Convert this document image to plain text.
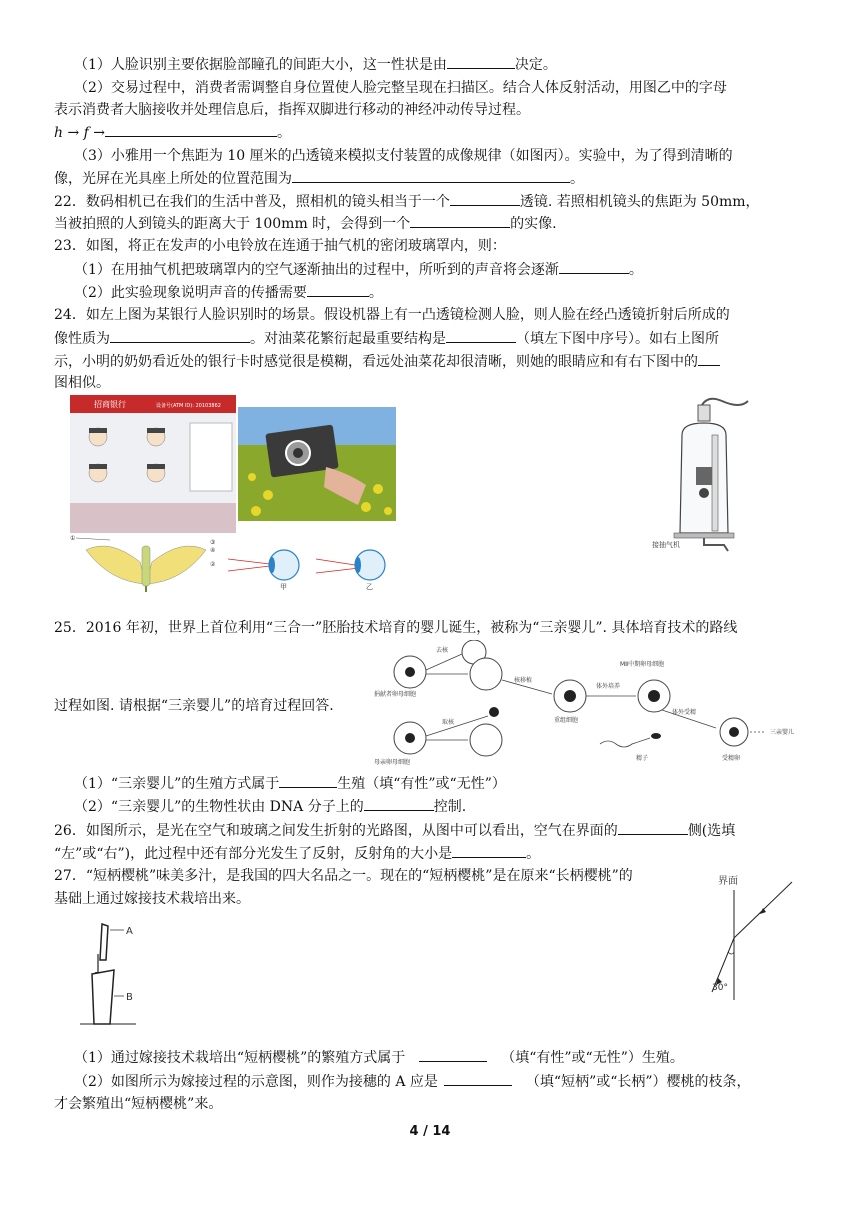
（1）人脸识别主要依据脸部瞳孔的间距大小，这一性状是由	决定。
（2）交易过程中，消费者需调整自身位置使人脸完整呈现在扫描区。结合人体反射活动，用图乙中的字母
表示消费者大脑接收并处理信息后，指挥双脚进行移动的神经冲动传导过程。
h → f →	。
（3）小雅用一个焦距为 10 厘米的凸透镜来模拟支付装置的成像规律（如图丙）。实验中，为了得到清晰的
像，光屏在光具座上所处的位置范围为	。
22．数码相机已在我们的生活中普及，照相机的镜头相当于一个	透镜. 若照相机镜头的焦距为 50mm，
当被拍照的人到镜头的距离大于 100mm 时，会得到一个	的实像.
23．如图，将正在发声的小电铃放在连通于抽气机的密闭玻璃罩内，则：
（1）在用抽气机把玻璃罩内的空气逐渐抽出的过程中，所听到的声音将会逐渐	。
（2）此实验现象说明声音的传播需要	。
24．如左上图为某银行人脸识别时的场景。假设机器上有一凸透镜检测人脸，则人脸在经凸透镜折射后所成的
像性质为	。对油菜花繁衍起最重要结构是	（填左下图中序号）。如右上图所
示，小明的奶奶看近处的银行卡时感觉很是模糊，看远处油菜花却很清晰，则她的眼睛应和有右下图中的
图相似。
招商银行	设备号(ATM ID): 20103862
接抽气机
①
②
③
④
甲	乙
25．2016 年初，世界上首位利用“三合一”胚胎技术培育的婴儿诞生，被称为“三亲婴儿”. 具体培育技术的路线
过程如图. 请根据“三亲婴儿”的培育过程回答.
去核
捐献者卵母细胞
取核
母亲卵母细胞
核移植
重组细胞
体外培养
MⅡ中期卵母细胞
体外受精
精子	受精卵
三亲婴儿
（1）“三亲婴儿”的生殖方式属于	生殖（填“有性”或“无性”）
（2）“三亲婴儿”的生物性状由 DNA 分子上的	控制.
26．如图所示，是光在空气和玻璃之间发生折射的光路图，从图中可以看出，空气在界面的	侧(选填
“左”或“右”)，此过程中还有部分光发生了反射，反射角的大小是	。
27．“短柄樱桃”味美多汁，是我国的四大名品之一。现在的“短柄樱桃”是在原来“长柄樱桃”的
基础上通过嫁接技术栽培出来。
界面
30°
A
B
（1）通过嫁接技术栽培出“短柄樱桃”的繁殖方式属于	（填“有性”或“无性”）生殖。
（2）如图所示为嫁接过程的示意图，则作为接穗的 A 应是	（填“短柄”或“长柄”）樱桃的枝条，
才会繁殖出“短柄樱桃”来。
4 / 14
